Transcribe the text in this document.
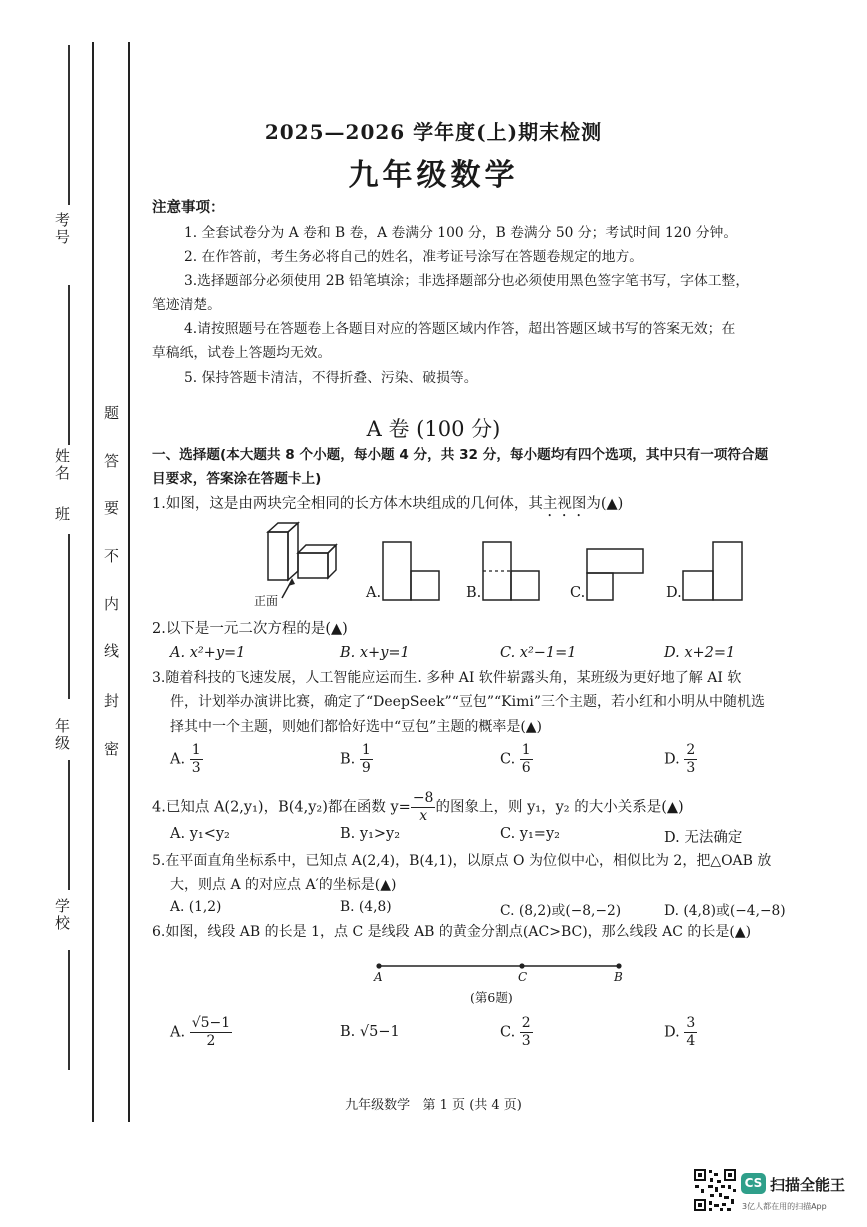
考号
姓名
班
年级
学校
题
答
要
不
内
线
封
密
2025—2026 学年度(上)期末检测
九年级数学
注意事项：
1. 全套试卷分为 A 卷和 B 卷，A 卷满分 100 分，B 卷满分 50 分；考试时间 120 分钟。
2. 在作答前，考生务必将自己的姓名，准考证号涂写在答题卷规定的地方。
3.选择题部分必须使用 2B 铅笔填涂；非选择题部分也必须使用黑色签字笔书写，字体工整，
笔迹清楚。
4.请按照题号在答题卷上各题目对应的答题区域内作答，超出答题区域书写的答案无效；在
草稿纸，试卷上答题均无效。
5. 保持答题卡清洁，不得折叠、污染、破损等。
A 卷 (100 分)
一、选择题(本大题共 8 个小题，每小题 4 分，共 32 分，每小题均有四个选项，其中只有一项符合题
目要求，答案涂在答题卡上)
1.如图，这是由两块完全相同的长方体木块组成的几何体，其主视图为(▲)
正面	A.	B.	C.	D.
2.以下是一元二次方程的是(▲)
A. x²+y=1	B. x+y=1	C. x²−1=1	D. x+2=1
3.随着科技的飞速发展，人工智能应运而生. 多种 AI 软件崭露头角，某班级为更好地了解 AI 软
件，计划举办演讲比赛，确定了“DeepSeek”“豆包”“Kimi”三个主题，若小红和小明从中随机选
择其中一个主题，则她们都恰好选中“豆包”主题的概率是(▲)
A. $\frac{1}{3}$	B. $\frac{1}{9}$	C. $\frac{1}{6}$	D. $\frac{2}{3}$
4.已知点 A(2,y₁)，B(4,y₂)都在函数 $y= \frac{-8}{x}$ 的图象上，则 y₁，y₂ 的大小关系是(▲)
A. y₁<y₂	B. y₁>y₂	C. y₁=y₂	D. 无法确定
5.在平面直角坐标系中，已知点 A(2,4)，B(4,1)，以原点 O 为位似中心，相似比为 2，把△OAB 放
大，则点 A 的对应点 A′的坐标是(▲)
A. (1,2)	B. (4,8)	C. (8,2)或(−8,−2)	D. (4,8)或(−4,−8)
6.如图，线段 AB 的长是 1，点 C 是线段 AB 的黄金分割点(AC>BC)，那么线段 AC 的长是(▲)
A	C	B
(第6题)
A. $\frac{√5-1}{2}$	B. √5−1	C. $\frac{2}{3}$	D. $\frac{3}{4}$
九年级数学   第 1 页 (共 4 页)
CS 扫描全能王
3亿人都在用的扫描App
